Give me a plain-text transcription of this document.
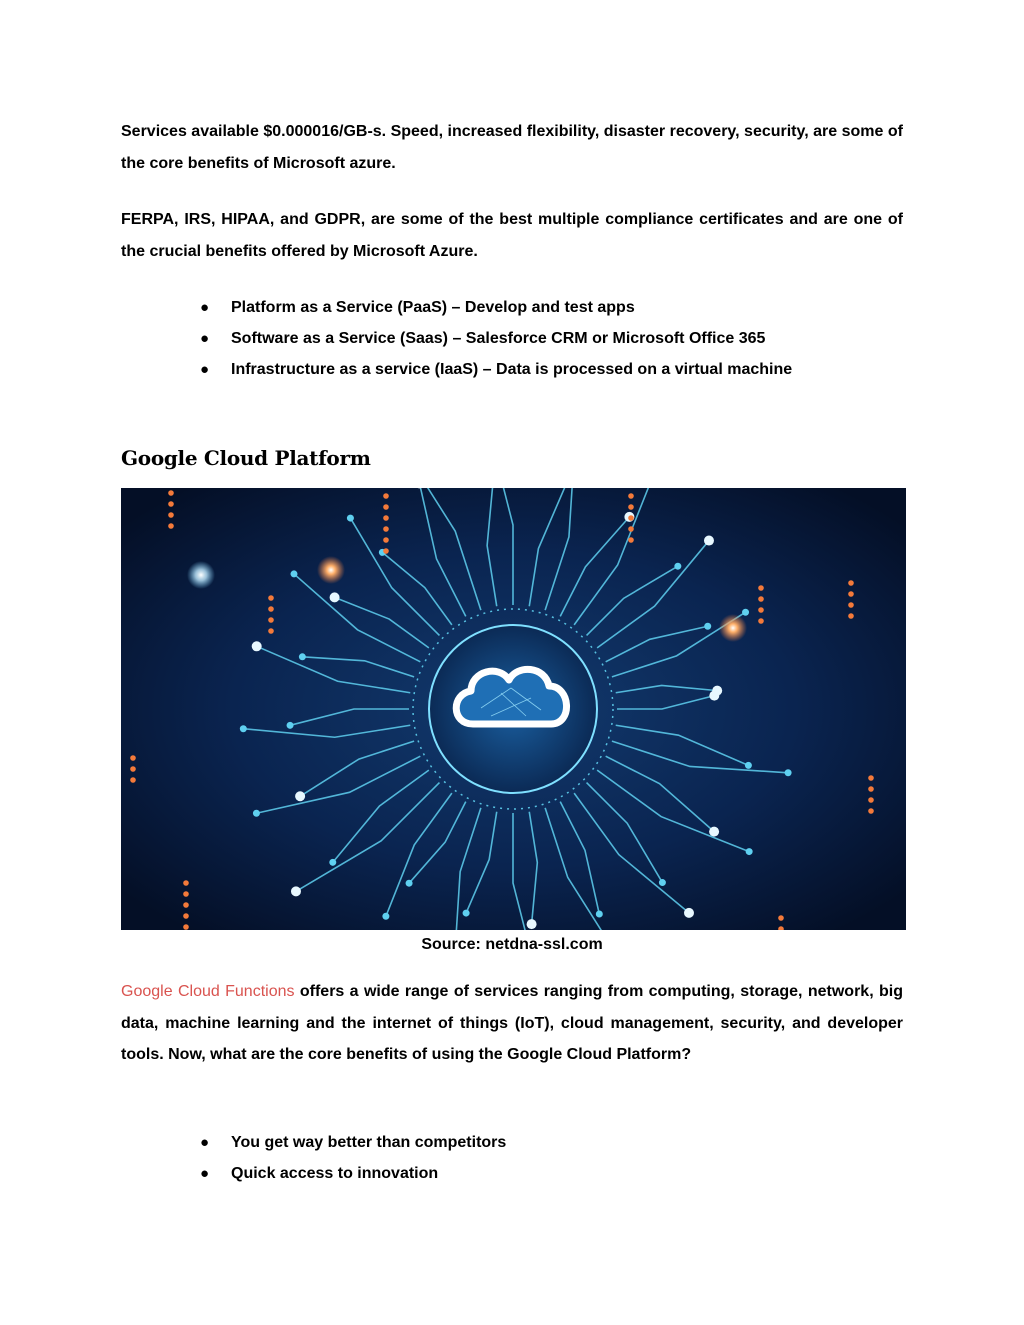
Services available $0.000016/GB-s. Speed, increased flexibility, disaster recovery, security, are some of the core benefits of Microsoft azure.

FERPA, IRS, HIPAA, and GDPR, are some of the best multiple compliance certificates and are one of the crucial benefits offered by Microsoft Azure.

● Platform as a Service (PaaS) – Develop and test apps
● Software as a Service (Saas) – Salesforce CRM or Microsoft Office 365
● Infrastructure as a service (IaaS) – Data is processed on a virtual machine
Google Cloud Platform
Source: netdna-ssl.com

Google Cloud Functions offers a wide range of services ranging from computing, storage, network, big data, machine learning and the internet of things (IoT), cloud management, security, and developer tools. Now, what are the core benefits of using the Google Cloud Platform?

● You get way better than competitors
● Quick access to innovation
